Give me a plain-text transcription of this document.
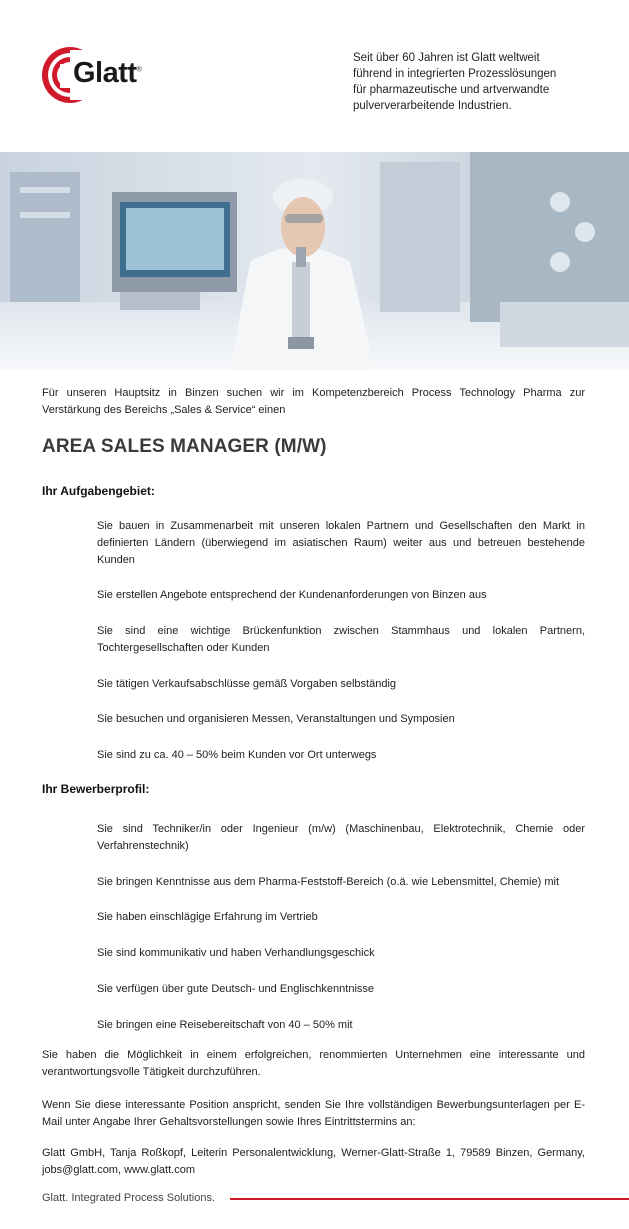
Glatt®
Seit über 60 Jahren ist Glatt weltweit
führend in integrierten Prozesslösungen
für pharmazeutische und artverwandte
pulververarbeitende Industrien.
Für unseren Hauptsitz in Binzen suchen wir im Kompetenzbereich Process Technology Pharma zur Verstärkung des Bereichs „Sales & Service“ einen
AREA SALES MANAGER (M/W)
Ihr Aufgabengebiet:
Sie bauen in Zusammenarbeit mit unseren lokalen Partnern und Gesellschaften den Markt in definierten Ländern (überwiegend im asiatischen Raum) weiter aus und betreuen bestehende Kunden
Sie erstellen Angebote entsprechend der Kundenanforderungen von Binzen aus
Sie sind eine wichtige Brückenfunktion zwischen Stammhaus und lokalen Partnern, Tochtergesellschaften oder Kunden
Sie tätigen Verkaufsabschlüsse gemäß Vorgaben selbständig
Sie besuchen und organisieren Messen, Veranstaltungen und Symposien
Sie sind zu ca. 40 – 50% beim Kunden vor Ort unterwegs
Ihr Bewerberprofil:
Sie sind Techniker/in oder Ingenieur (m/w) (Maschinenbau, Elektrotechnik, Chemie oder Verfahrenstechnik)
Sie bringen Kenntnisse aus dem Pharma-Feststoff-Bereich (o.ä. wie Lebensmittel, Chemie) mit
Sie haben einschlägige Erfahrung im Vertrieb
Sie sind kommunikativ und haben Verhandlungsgeschick
Sie verfügen über gute Deutsch- und Englischkenntnisse
Sie bringen eine Reisebereitschaft von 40 – 50% mit
Sie haben die Möglichkeit in einem erfolgreichen, renommierten Unternehmen eine interessante und verantwortungsvolle Tätigkeit durchzuführen.
Wenn Sie diese interessante Position anspricht, senden Sie Ihre vollständigen Bewerbungsunterlagen per E-Mail unter Angabe Ihrer Gehaltsvorstellungen sowie Ihres Eintrittstermins an:
Glatt GmbH, Tanja Roßkopf, Leiterin Personalentwicklung, Werner-Glatt-Straße 1, 79589 Binzen, Germany, jobs@glatt.com, www.glatt.com
Glatt. Integrated Process Solutions.
